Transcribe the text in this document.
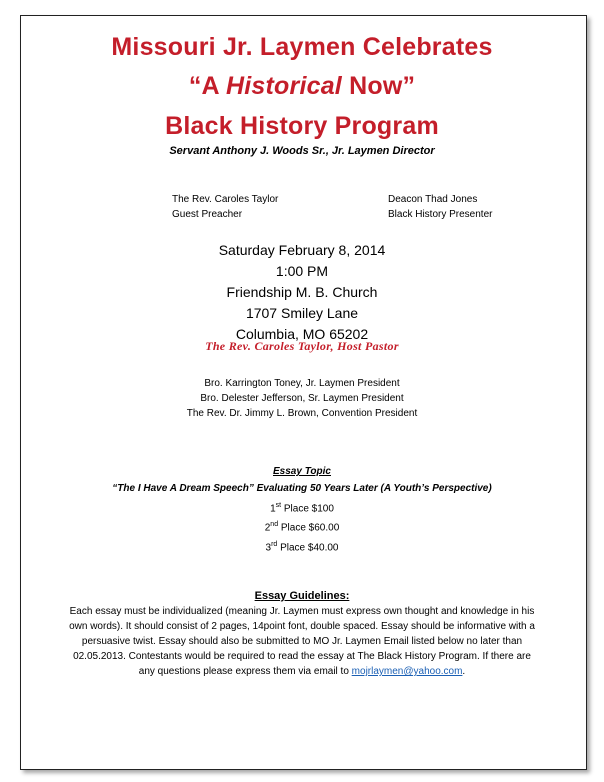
Missouri Jr. Laymen Celebrates
“A Historical Now”
Black History Program
Servant Anthony J. Woods Sr., Jr. Laymen Director
The Rev. Caroles Taylor
Guest Preacher
Deacon Thad Jones
Black History Presenter
Saturday February 8, 2014
1:00 PM
Friendship M. B. Church
1707 Smiley Lane
Columbia, MO 65202
The Rev. Caroles Taylor, Host Pastor
Bro. Karrington Toney, Jr. Laymen President
Bro. Delester Jefferson, Sr. Laymen President
The Rev. Dr. Jimmy L. Brown, Convention President
Essay Topic
“The I Have A Dream Speech” Evaluating 50 Years Later (A Youth’s Perspective)
1st Place $100
2nd Place $60.00
3rd Place $40.00
Essay Guidelines:
Each essay must be individualized (meaning Jr. Laymen must express own thought and knowledge in his own words). It should consist of 2 pages, 14point font, double spaced. Essay should be informative with a persuasive twist. Essay should also be submitted to MO Jr. Laymen Email listed below no later than 02.05.2013. Contestants would be required to read the essay at The Black History Program. If there are any questions please express them via email to mojrlaymen@yahoo.com.
